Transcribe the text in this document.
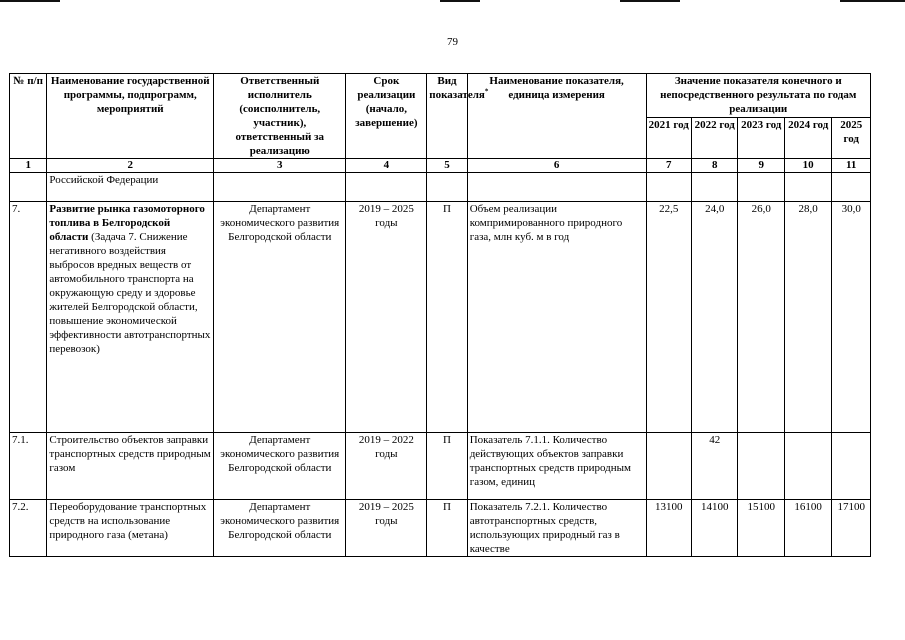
79
№ п/п	Наименование государственной программы, подпрограмм, мероприятий	Ответственный исполнитель (соисполнитель, участник), ответственный за реализацию	Срок реализации (начало, завершение)	Вид показателя*	Наименование показателя, единица измерения	Значение показателя конечного и непосредственного результата по годам реализации				
						2021 год	2022 год	2023 год	2024 год	2025 год
1	2	3	4	5	6	7	8	9	10	11
	Российской Федерации									
7.	Развитие рынка газомоторного топлива в Белгородской области (Задача 7. Снижение негативного воздействия выбросов вредных веществ от автомобильного транспорта на окружающую среду и здоровье жителей Белгородской области, повышение экономической эффективности автотранспортных перевозок)	Департамент экономического развития Белгородской области	2019 – 2025 годы	П	Объем реализации компримированного природного газа, млн куб. м в год	22,5	24,0	26,0	28,0	30,0
7.1.	Строительство объектов заправки транспортных средств природным газом	Департамент экономического развития Белгородской области	2019 – 2022 годы	П	Показатель 7.1.1. Количество действующих объектов заправки транспортных средств природным газом, единиц		42			
7.2.	Переоборудование транспортных средств на использование природного газа (метана)	Департамент экономического развития Белгородской области	2019 – 2025 годы	П	Показатель 7.2.1. Количество автотранспортных средств, использующих природный газ в качестве	13100	14100	15100	16100	17100
